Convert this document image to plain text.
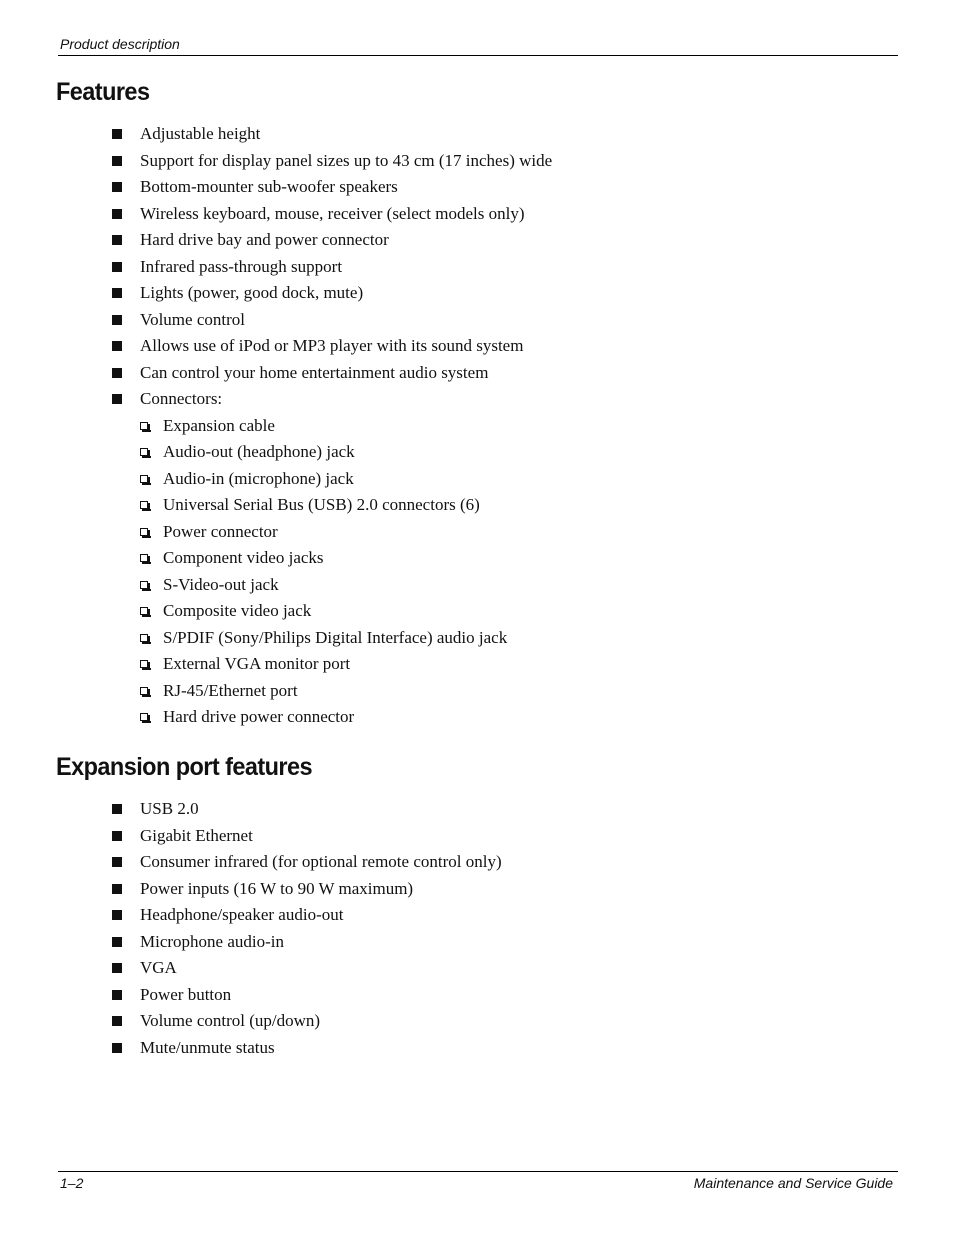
Product description
Features
Adjustable height
Support for display panel sizes up to 43 cm (17 inches) wide
Bottom-mounter sub-woofer speakers
Wireless keyboard, mouse, receiver (select models only)
Hard drive bay and power connector
Infrared pass-through support
Lights (power, good dock, mute)
Volume control
Allows use of iPod or MP3 player with its sound system
Can control your home entertainment audio system
Connectors:
Expansion cable
Audio-out (headphone) jack
Audio-in (microphone) jack
Universal Serial Bus (USB) 2.0 connectors (6)
Power connector
Component video jacks
S-Video-out jack
Composite video jack
S/PDIF (Sony/Philips Digital Interface) audio jack
External VGA monitor port
RJ-45/Ethernet port
Hard drive power connector
Expansion port features
USB 2.0
Gigabit Ethernet
Consumer infrared (for optional remote control only)
Power inputs (16 W to 90 W maximum)
Headphone/speaker audio-out
Microphone audio-in
VGA
Power button
Volume control (up/down)
Mute/unmute status
1–2	Maintenance and Service Guide
